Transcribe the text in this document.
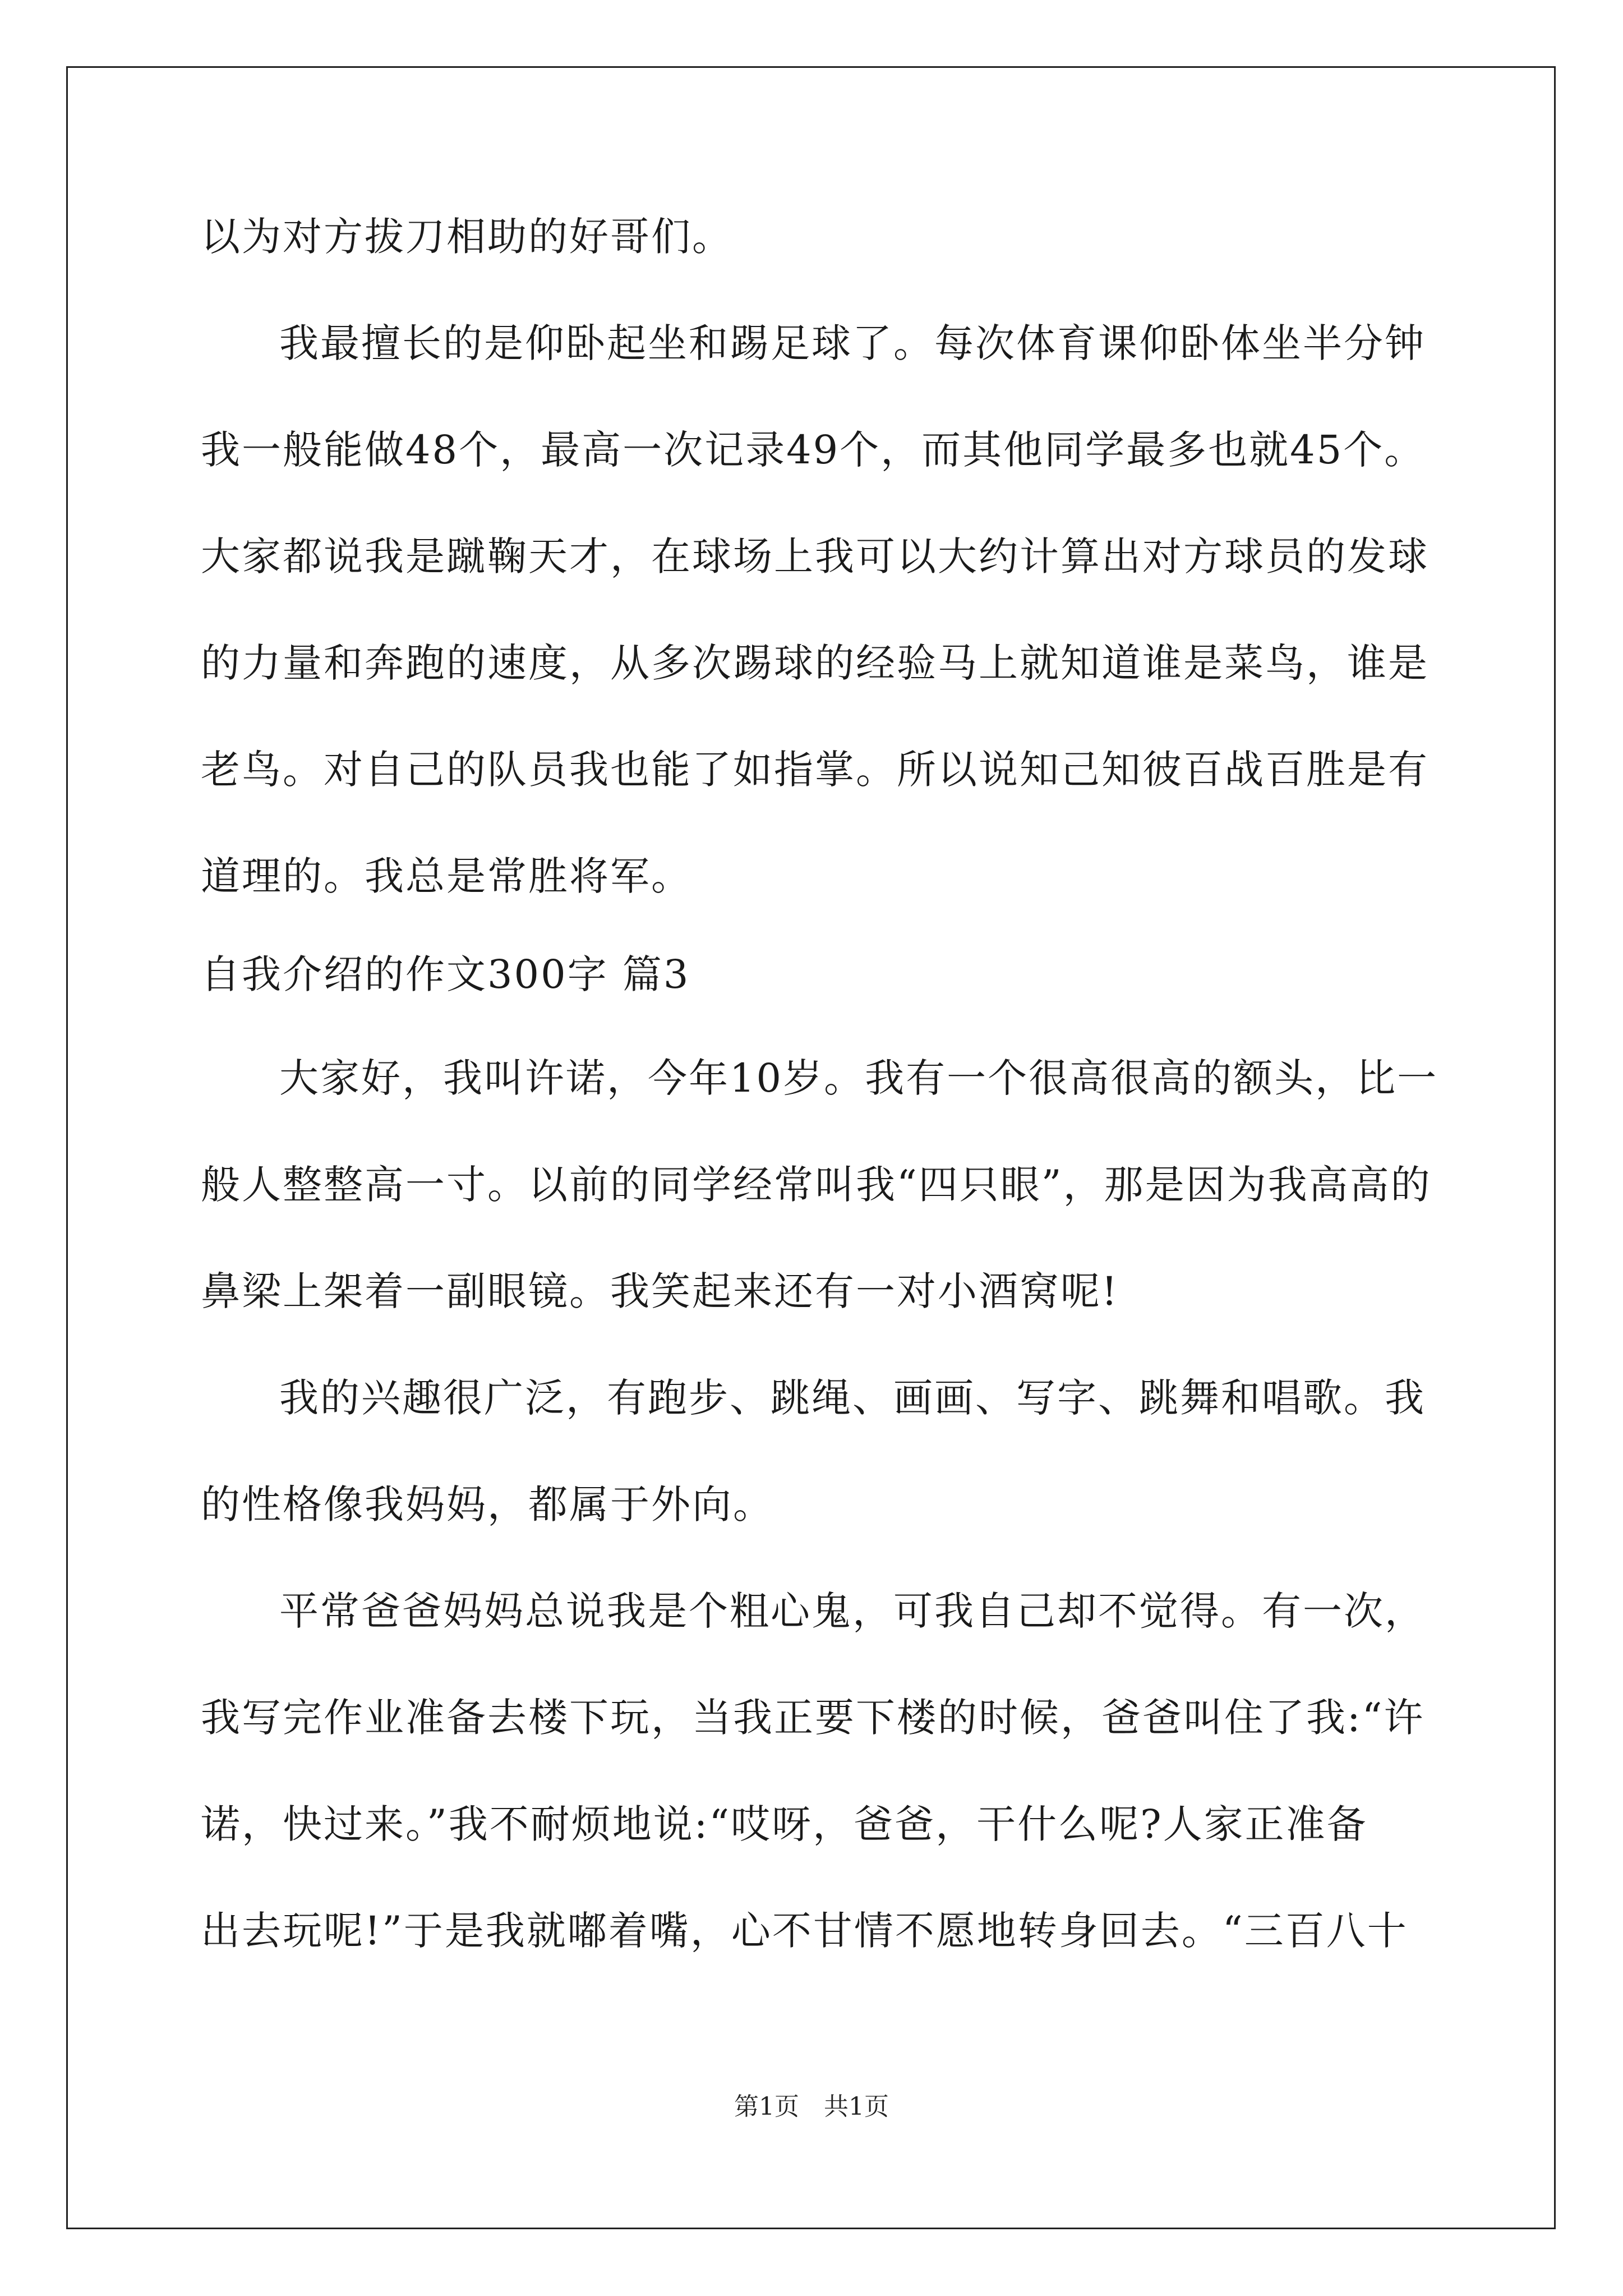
以为对方拔刀相助的好哥们。
我最擅长的是仰卧起坐和踢足球了。每次体育课仰卧体坐半分钟
我一般能做48个，最高一次记录49个，而其他同学最多也就45个。
大家都说我是蹴鞠天才，在球场上我可以大约计算出对方球员的发球
的力量和奔跑的速度，从多次踢球的经验马上就知道谁是菜鸟，谁是
老鸟。对自己的队员我也能了如指掌。所以说知己知彼百战百胜是有
道理的。我总是常胜将军。
自我介绍的作文300字 篇3
大家好，我叫许诺，今年10岁。我有一个很高很高的额头，比一
般人整整高一寸。以前的同学经常叫我“四只眼”，那是因为我高高的
鼻梁上架着一副眼镜。我笑起来还有一对小酒窝呢!
我的兴趣很广泛，有跑步、跳绳、画画、写字、跳舞和唱歌。我
的性格像我妈妈，都属于外向。
平常爸爸妈妈总说我是个粗心鬼，可我自己却不觉得。有一次，
我写完作业准备去楼下玩，当我正要下楼的时候，爸爸叫住了我:“许
诺，快过来。”我不耐烦地说:“哎呀，爸爸，干什么呢?人家正准备
出去玩呢!”于是我就嘟着嘴，心不甘情不愿地转身回去。“三百八十
第1页　共1页
